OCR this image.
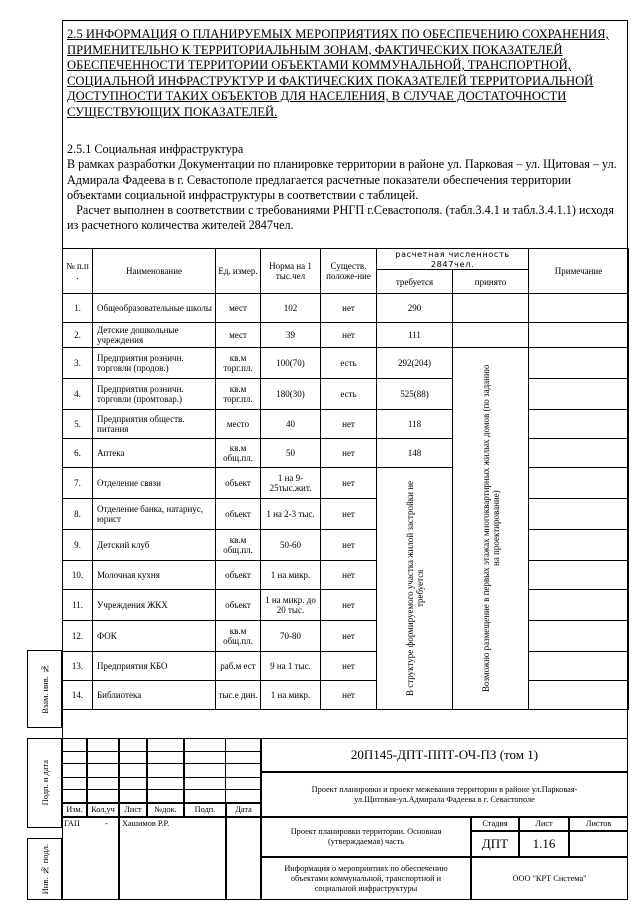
2.5 ИНФОРМАЦИЯ О ПЛАНИРУЕМЫХ МЕРОПРИЯТИЯХ ПО ОБЕСПЕЧЕНИЮ СОХРАНЕНИЯ,
ПРИМЕНИТЕЛЬНО К ТЕРРИТОРИАЛЬНЫМ ЗОНАМ, ФАКТИЧЕСКИХ ПОКАЗАТЕЛЕЙ
ОБЕСПЕЧЕННОСТИ ТЕРРИТОРИИ ОБЪЕКТАМИ КОММУНАЛЬНОЙ, ТРАНСПОРТНОЙ,
СОЦИАЛЬНОЙ ИНФРАСТРУКТУР И ФАКТИЧЕСКИХ ПОКАЗАТЕЛЕЙ ТЕРРИТОРИАЛЬНОЙ
ДОСТУПНОСТИ ТАКИХ ОБЪЕКТОВ ДЛЯ НАСЕЛЕНИЯ, В СЛУЧАЕ ДОСТАТОЧНОСТИ
СУЩЕСТВУЮЩИХ ПОКАЗАТЕЛЕЙ.

2.5.1 Социальная инфраструктура

В рамках разработки Документации по планировке территории в районе ул. Парковая – ул. Щитовая – ул. Адмирала Фадеева в г. Севастополе предлагается расчетные показатели обеспечения территории объектами социальной инфраструктуры в соответствии с таблицей.

Расчет выполнен в соответствии с требованиями РНГП г.Севастополя. (табл.3.4.1 и табл.3.4.1.1) исходя из расчетного количества жителей 2847чел.

№ п.п .	Наименование	Ед. измер.	Норма на 1 тыс.чел	Существ. положе-ние	расчетная численность 2847чел.		Примечание
					требуется	принято	
1.	Общеобразовательные школы	мест	102	нет	290		
2.	Детские дошкольные учреждения	мест	39	нет	111		
3.	Предприятия розничн. торговли (продов.)	кв.м торг.пл.	100(70)	есть	292(204)	Возможно размещение в первых этажах многоквартирных жилых домов (по заданию на проектирование)	
4.	Предприятия розничн. торговли (промтовар.)	кв.м торг.пл.	180(30)	есть	525(88)		
5.	Предприятия обществ. питания	место	40	нет	118		
6.	Аптека	кв.м общ.пл.	50	нет	148		
7.	Отделение связи	объект	1 на 9-25тыс.жит.	нет	В структуре формируемого участка жилой застройки не требуется		
8.	Отделение банка, натариус, юрист	объект	1 на 2-3 тыс.	нет			
9.	Детский клуб	кв.м общ.пл.	50-60	нет			
10.	Молочная кухня	объект	1 на микр.	нет			
11.	Учреждения ЖКХ	объект	1 на микр. до 20 тыс.	нет			
12.	ФОК	кв.м общ.пл.	70-80	нет			
13.	Предприятия КБО	раб.м ест	9 на 1 тыс.	нет			
14.	Библиотека	тыс.е дин.	1 на микр.	нет			
Взам. инв. №
Подп. и дата
Инв. № подл.
Изм.	Кол.уч	Лист	№док.	Подп.	Дата
ГАП	-	Хашимов Р.Р.
20П145-ДПТ-ППТ-ОЧ-ПЗ (том 1)
Проект планировки и проект межевания территории в районе ул.Парковая-ул.Щитовая-ул.Адмирала Фадеева в г. Севастополе
Проект планировки территории. Основная (утверждаемая) часть
Стадия	Лист	Листов
ДПТ	1.16
Информация о мероприятиях по обеспечению объектами коммунальной, транспортной и социальной инфраструктуры
ООО "КРТ Система"
